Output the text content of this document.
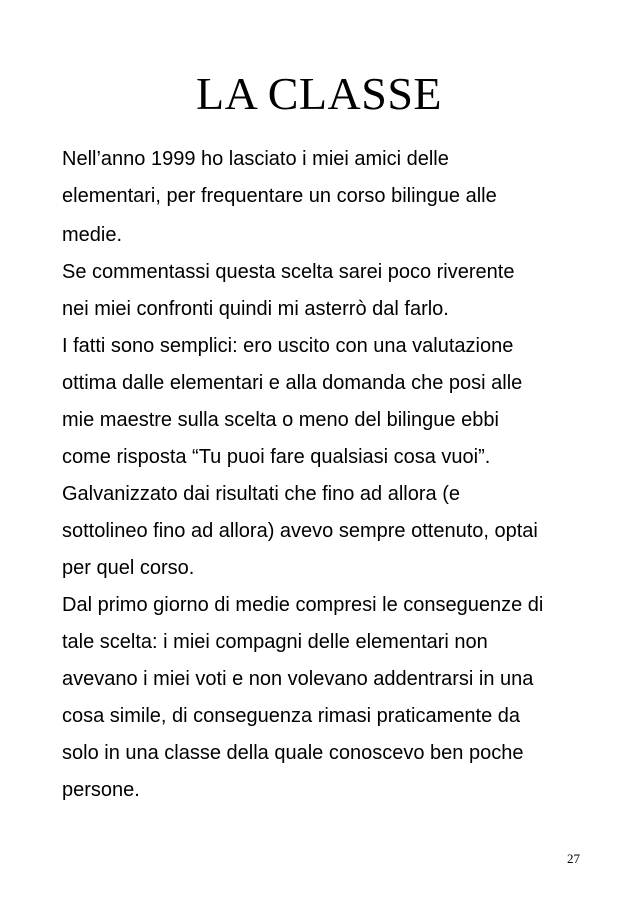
LA CLASSE
Nell’anno 1999 ho lasciato i miei amici delle
elementari, per frequentare un corso bilingue alle
medie.
Se commentassi questa scelta sarei poco riverente
nei miei confronti quindi mi asterrò dal farlo.
I fatti sono semplici: ero uscito con una valutazione
ottima dalle elementari e alla domanda che posi alle
mie maestre sulla scelta o meno del bilingue ebbi
come risposta “Tu puoi fare qualsiasi cosa vuoi”.
Galvanizzato dai risultati che fino ad allora (e
sottolineo fino ad allora) avevo sempre ottenuto, optai
per quel corso.
Dal primo giorno di medie compresi le conseguenze di
tale scelta: i miei compagni delle elementari non
avevano i miei voti e non volevano addentrarsi in una
cosa simile, di conseguenza rimasi praticamente da
solo in una classe della quale conoscevo ben poche
persone.
27
